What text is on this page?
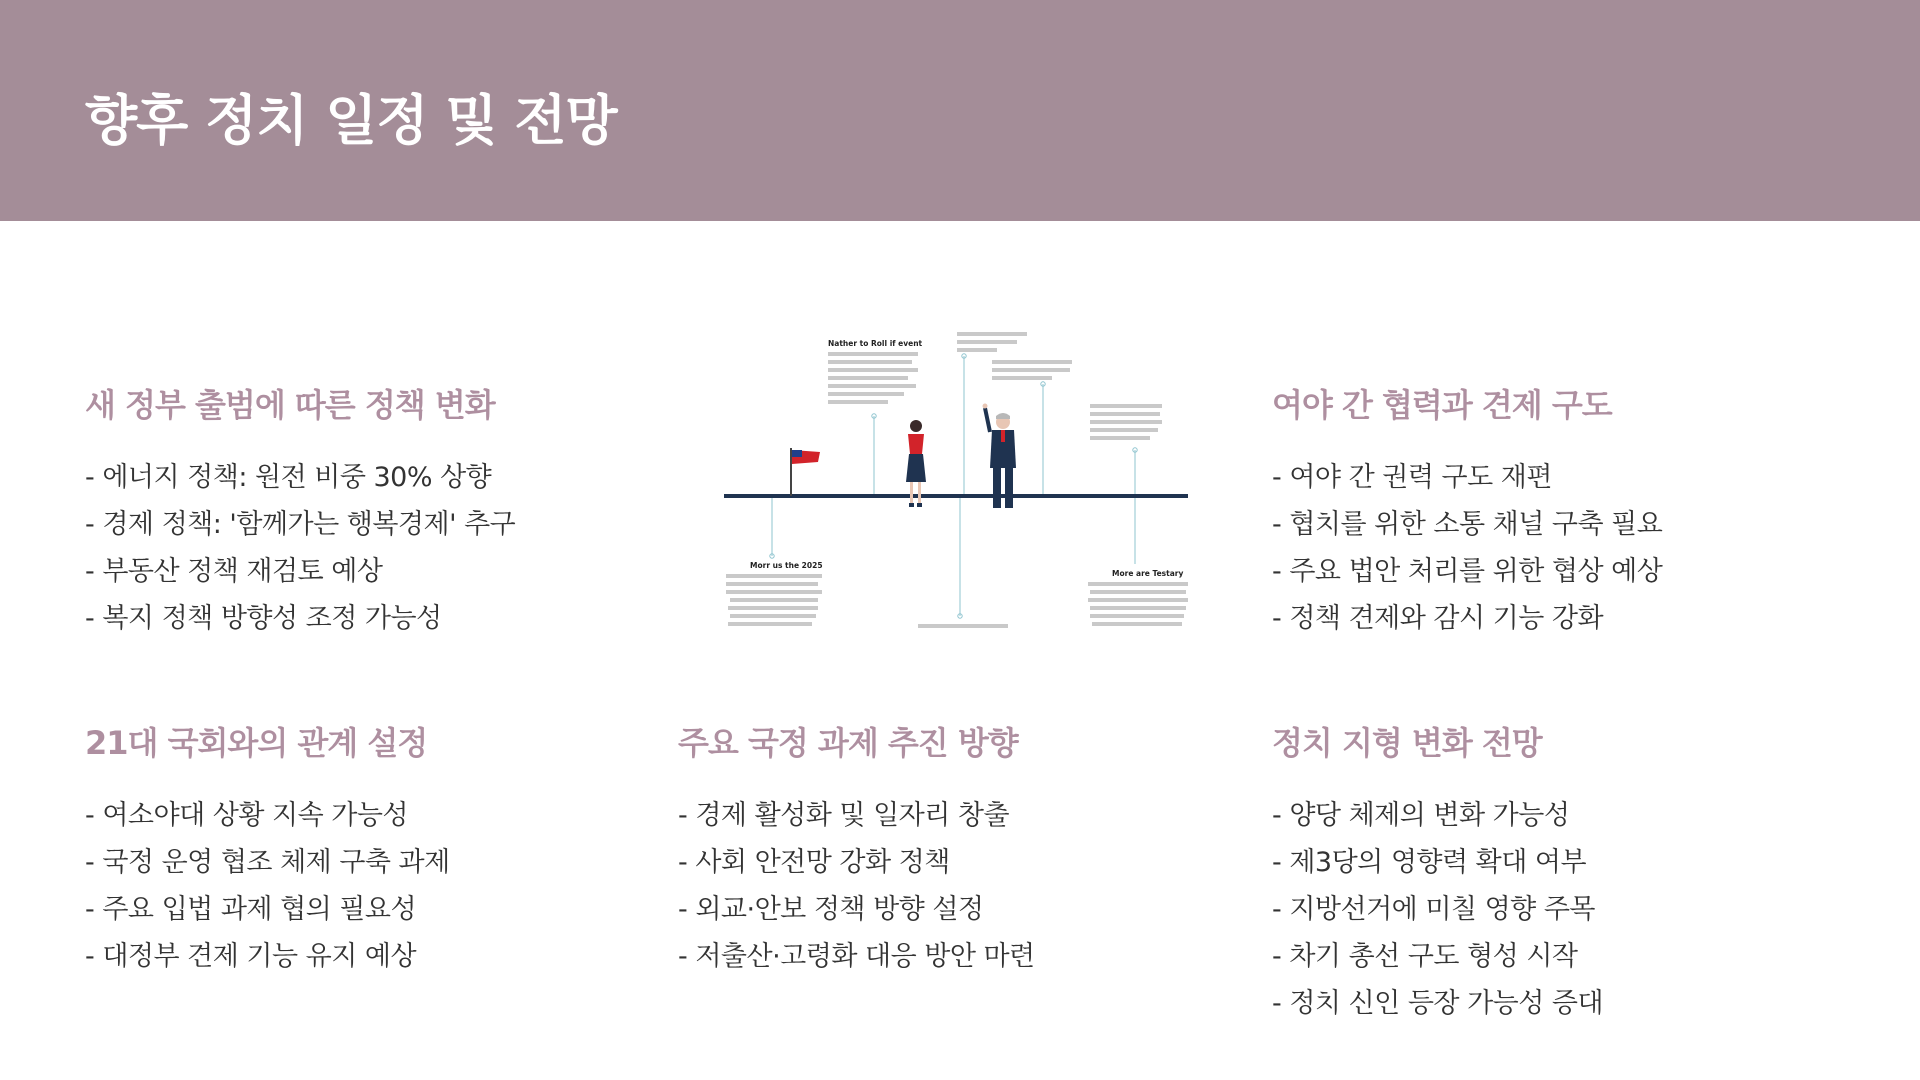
향후 정치 일정 및 전망
새 정부 출범에 따른 정책 변화
- 에너지 정책: 원전 비중 30% 상향
- 경제 정책: '함께가는 행복경제' 추구
- 부동산 정책 재검토 예상
- 복지 정책 방향성 조정 가능성
Nather to Roll if event
Morr us the 2025
More are Testary
여야 간 협력과 견제 구도
- 여야 간 권력 구도 재편
- 협치를 위한 소통 채널 구축 필요
- 주요 법안 처리를 위한 협상 예상
- 정책 견제와 감시 기능 강화
21대 국회와의 관계 설정
- 여소야대 상황 지속 가능성
- 국정 운영 협조 체제 구축 과제
- 주요 입법 과제 협의 필요성
- 대정부 견제 기능 유지 예상
주요 국정 과제 추진 방향
- 경제 활성화 및 일자리 창출
- 사회 안전망 강화 정책
- 외교·안보 정책 방향 설정
- 저출산·고령화 대응 방안 마련
정치 지형 변화 전망
- 양당 체제의 변화 가능성
- 제3당의 영향력 확대 여부
- 지방선거에 미칠 영향 주목
- 차기 총선 구도 형성 시작
- 정치 신인 등장 가능성 증대
